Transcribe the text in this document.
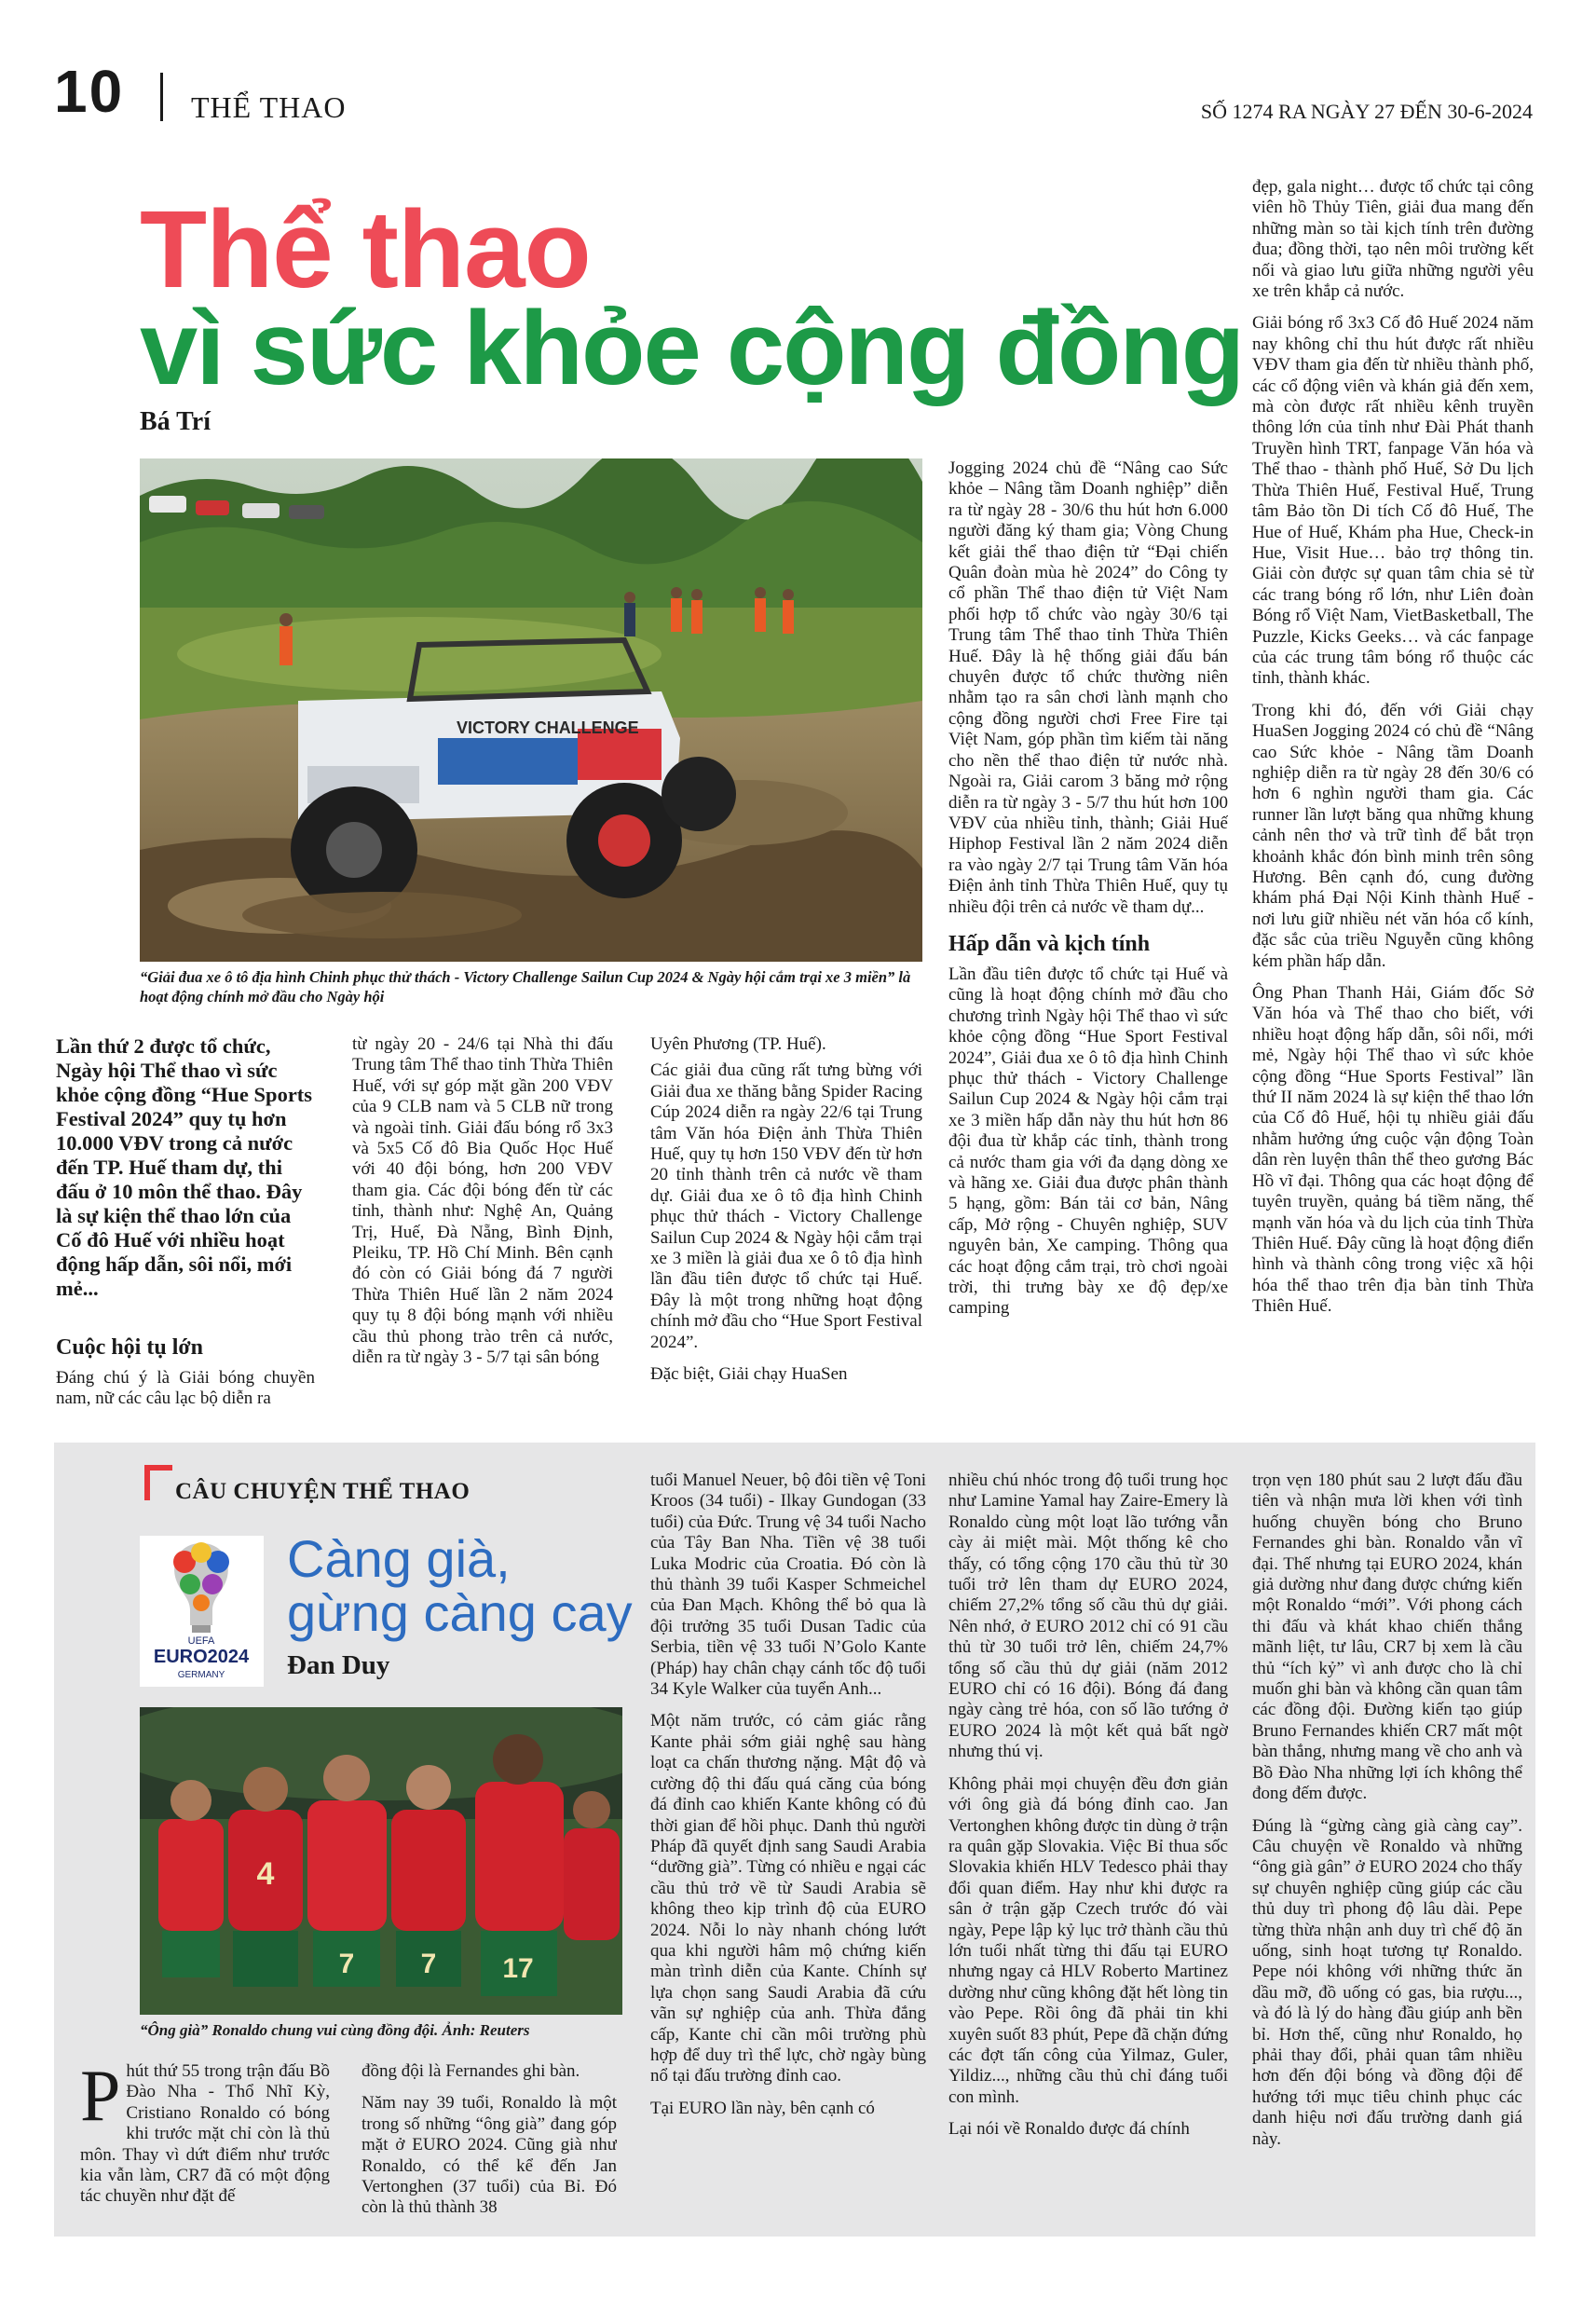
10 THỂ THAO	SỐ 1274 RA NGÀY 27 ĐẾN 30-6-2024
Thể thao
vì sức khỏe cộng đồng
Bá Trí
VICTORY CHALLENGE
“Giải đua xe ô tô địa hình Chinh phục thử thách - Victory Challenge Sailun Cup 2024 & Ngày hội cắm trại xe 3 miền” là hoạt động chính mở đầu cho Ngày hội
Lần thứ 2 được tổ chức, Ngày hội Thể thao vì sức khỏe cộng đồng “Hue Sports Festival 2024” quy tụ hơn 10.000 VĐV trong cả nước đến TP. Huế tham dự, thi đấu ở 10 môn thể thao. Đây là sự kiện thể thao lớn của Cố đô Huế với nhiều hoạt động hấp dẫn, sôi nổi, mới mẻ...
Cuộc hội tụ lớn

Đáng chú ý là Giải bóng chuyền nam, nữ các câu lạc bộ diễn ra

từ ngày 20 - 24/6 tại Nhà thi đấu Trung tâm Thể thao tỉnh Thừa Thiên Huế, với sự góp mặt gần 200 VĐV của 9 CLB nam và 5 CLB nữ trong và ngoài tỉnh. Giải đấu bóng rổ 3x3 và 5x5 Cố đô Bia Quốc Học Huế với 40 đội bóng, hơn 200 VĐV tham gia. Các đội bóng đến từ các tỉnh, thành như: Nghệ An, Quảng Trị, Huế, Đà Nẵng, Bình Định, Pleiku, TP. Hồ Chí Minh. Bên cạnh đó còn có Giải bóng đá 7 người Thừa Thiên Huế lần 2 năm 2024 quy tụ 8 đội bóng mạnh với nhiều cầu thủ phong trào trên cả nước, diễn ra từ ngày 3 - 5/7 tại sân bóng

Uyên Phương (TP. Huế).

Các giải đua cũng rất tưng bừng với Giải đua xe thăng bằng Spider Racing Cúp 2024 diễn ra ngày 22/6 tại Trung tâm Văn hóa Điện ảnh Thừa Thiên Huế, quy tụ hơn 150 VĐV đến từ hơn 20 tỉnh thành trên cả nước về tham dự. Giải đua xe ô tô địa hình Chinh phục thử thách - Victory Challenge Sailun Cup 2024 & Ngày hội cắm trại xe 3 miền là giải đua xe ô tô địa hình lần đầu tiên được tổ chức tại Huế. Đây là một trong những hoạt động chính mở đầu cho “Hue Sport Festival 2024”.

Đặc biệt, Giải chạy HuaSen

Jogging 2024 chủ đề “Nâng cao Sức khỏe – Nâng tầm Doanh nghiệp” diễn ra từ ngày 28 - 30/6 thu hút hơn 6.000 người đăng ký tham gia; Vòng Chung kết giải thể thao điện tử “Đại chiến Quân đoàn mùa hè 2024” do Công ty cổ phần Thể thao điện tử Việt Nam phối hợp tổ chức vào ngày 30/6 tại Trung tâm Thể thao tỉnh Thừa Thiên Huế. Đây là hệ thống giải đấu bán chuyên được tổ chức thường niên nhằm tạo ra sân chơi lành mạnh cho cộng đồng người chơi Free Fire tại Việt Nam, góp phần tìm kiếm tài năng cho nền thể thao điện tử nước nhà. Ngoài ra, Giải carom 3 băng mở rộng diễn ra từ ngày 3 - 5/7 thu hút hơn 100 VĐV của nhiều tỉnh, thành; Giải Huế Hiphop Festival lần 2 năm 2024 diễn ra vào ngày 2/7 tại Trung tâm Văn hóa Điện ảnh tỉnh Thừa Thiên Huế, quy tụ nhiều đội trên cả nước về tham dự...

Hấp dẫn và kịch tính

Lần đầu tiên được tổ chức tại Huế và cũng là hoạt động chính mở đầu cho chương trình Ngày hội Thể thao vì sức khỏe cộng đồng “Hue Sport Festival 2024”, Giải đua xe ô tô địa hình Chinh phục thử thách - Victory Challenge Sailun Cup 2024 & Ngày hội cắm trại xe 3 miền hấp dẫn này thu hút hơn 86 đội đua từ khắp các tỉnh, thành trong cả nước tham gia với đa dạng dòng xe và hãng xe. Giải đua được phân thành 5 hạng, gồm: Bán tải cơ bản, Nâng cấp, Mở rộng - Chuyên nghiệp, SUV nguyên bản, Xe camping. Thông qua các hoạt động cắm trại, trò chơi ngoài trời, thi trưng bày xe độ đẹp/xe camping

đẹp, gala night… được tổ chức tại công viên hồ Thủy Tiên, giải đua mang đến những màn so tài kịch tính trên đường đua; đồng thời, tạo nên môi trường kết nối và giao lưu giữa những người yêu xe trên khắp cả nước.

Giải bóng rổ 3x3 Cố đô Huế 2024 năm nay không chỉ thu hút được rất nhiều VĐV tham gia đến từ nhiều thành phố, các cổ động viên và khán giả đến xem, mà còn được rất nhiều kênh truyền thông lớn của tỉnh như Đài Phát thanh Truyền hình TRT, fanpage Văn hóa và Thể thao - thành phố Huế, Sở Du lịch Thừa Thiên Huế, Festival Huế, Trung tâm Bảo tồn Di tích Cố đô Huế, The Hue of Huế, Khám pha Hue, Check-in Hue, Visit Hue… bảo trợ thông tin. Giải còn được sự quan tâm chia sẻ từ các trang bóng rổ lớn, như Liên đoàn Bóng rổ Việt Nam, VietBasketball, The Puzzle, Kicks Geeks… và các fanpage của các trung tâm bóng rổ thuộc các tỉnh, thành khác.

Trong khi đó, đến với Giải chạy HuaSen Jogging 2024 có chủ đề “Nâng cao Sức khỏe - Nâng tầm Doanh nghiệp diễn ra từ ngày 28 đến 30/6 có hơn 6 nghìn người tham gia. Các runner lần lượt băng qua những khung cảnh nên thơ và trữ tình để bắt trọn khoảnh khắc đón bình minh trên sông Hương. Bên cạnh đó, cung đường khám phá Đại Nội Kinh thành Huế - nơi lưu giữ nhiều nét văn hóa cổ kính, đặc sắc của triều Nguyễn cũng không kém phần hấp dẫn.

Ông Phan Thanh Hải, Giám đốc Sở Văn hóa và Thể thao cho biết, với nhiều hoạt động hấp dẫn, sôi nổi, mới mẻ, Ngày hội Thể thao vì sức khỏe cộng đồng “Hue Sports Festival” lần thứ II năm 2024 là sự kiện thể thao lớn của Cố đô Huế, hội tụ nhiều giải đấu nhằm hưởng ứng cuộc vận động Toàn dân rèn luyện thân thể theo gương Bác Hồ vĩ đại. Thông qua các hoạt động để tuyên truyền, quảng bá tiềm năng, thế mạnh văn hóa và du lịch của tỉnh Thừa Thiên Huế. Đây cũng là hoạt động điển hình và thành công trong việc xã hội hóa thể thao trên địa bàn tỉnh Thừa Thiên Huế.

CÂU CHUYỆN THỂ THAO
UEFA
EURO2024
GERMANY
Càng già,
gừng càng cay
Đan Duy
4
7 7 17
“Ông già” Ronaldo chung vui cùng đồng đội. Ảnh: Reuters

Phút thứ 55 trong trận đấu Bồ Đào Nha - Thổ Nhĩ Kỳ, Cristiano Ronaldo có bóng khi trước mặt chỉ còn là thủ môn. Thay vì dứt điểm như trước kia vẫn làm, CR7 đã có một động tác chuyền như đặt đế

đồng đội là Fernandes ghi bàn.

Năm nay 39 tuổi, Ronaldo là một trong số những “ông già” đang góp mặt ở EURO 2024. Cũng già như Ronaldo, có thể kể đến Jan Vertonghen (37 tuổi) của Bỉ. Đó còn là thủ thành 38

tuổi Manuel Neuer, bộ đôi tiền vệ Toni Kroos (34 tuổi) - Ilkay Gundogan (33 tuổi) của Đức. Trung vệ 34 tuổi Nacho của Tây Ban Nha. Tiền vệ 38 tuổi Luka Modric của Croatia. Đó còn là thủ thành 39 tuổi Kasper Schmeichel của Đan Mạch. Không thể bỏ qua là đội trưởng 35 tuổi Dusan Tadic của Serbia, tiền vệ 33 tuổi N’Golo Kante (Pháp) hay chân chạy cánh tốc độ tuổi 34 Kyle Walker của tuyển Anh...

Một năm trước, có cảm giác rằng Kante phải sớm giải nghệ sau hàng loạt ca chấn thương nặng. Mật độ và cường độ thi đấu quá căng của bóng đá đỉnh cao khiến Kante không có đủ thời gian để hồi phục. Danh thủ người Pháp đã quyết định sang Saudi Arabia “dưỡng già”. Từng có nhiều e ngại các cầu thủ trở về từ Saudi Arabia sẽ không theo kịp trình độ của EURO 2024. Nỗi lo này nhanh chóng lướt qua khi người hâm mộ chứng kiến màn trình diễn của Kante. Chính sự lựa chọn sang Saudi Arabia đã cứu vãn sự nghiệp của anh. Thừa đắng cấp, Kante chỉ cần môi trường phù hợp để duy trì thể lực, chờ ngày bùng nổ tại đấu trường đỉnh cao.

Tại EURO lần này, bên cạnh có

nhiều chú nhóc trong độ tuổi trung học như Lamine Yamal hay Zaire-Emery là Ronaldo cùng một loạt lão tướng vẫn cày ải miệt mài. Một thống kê cho thấy, có tổng cộng 170 cầu thủ từ 30 tuổi trở lên tham dự EURO 2024, chiếm 27,2% tổng số cầu thủ dự giải. Nên nhớ, ở EURO 2012 chỉ có 91 cầu thủ từ 30 tuổi trở lên, chiếm 24,7% tổng số cầu thủ dự giải (năm 2012 EURO chỉ có 16 đội). Bóng đá đang ngày càng trẻ hóa, con số lão tướng ở EURO 2024 là một kết quả bất ngờ nhưng thú vị.

Không phải mọi chuyện đều đơn giản với ông già đá bóng đỉnh cao. Jan Vertonghen không được tin dùng ở trận ra quân gặp Slovakia. Việc Bỉ thua sốc Slovakia khiến HLV Tedesco phải thay đổi quan điểm. Hay như khi được ra sân ở trận gặp Czech trước đó vài ngày, Pepe lập kỷ lục trở thành cầu thủ lớn tuổi nhất từng thi đấu tại EURO nhưng ngay cả HLV Roberto Martinez dường như cũng không đặt hết lòng tin vào Pepe. Rồi ông đã phải tin khi xuyên suốt 83 phút, Pepe đã chặn đứng các đợt tấn công của Yilmaz, Guler, Yildiz..., những cầu thủ chỉ đáng tuổi con mình.

Lại nói về Ronaldo được đá chính

trọn vẹn 180 phút sau 2 lượt đấu đầu tiên và nhận mưa lời khen với tình huống chuyền bóng cho Bruno Fernandes ghi bàn. Ronaldo vẫn vĩ đại. Thế nhưng tại EURO 2024, khán giả dường như đang được chứng kiến một Ronaldo “mới”. Với phong cách thi đấu và khát khao chiến thắng mãnh liệt, tư lâu, CR7 bị xem là cầu thủ “ích kỷ” vì anh được cho là chỉ muốn ghi bàn và không cần quan tâm các đồng đội. Đường kiến tạo giúp Bruno Fernandes khiến CR7 mất một bàn thắng, nhưng mang về cho anh và Bồ Đào Nha những lợi ích không thể đong đếm được.

Đúng là “gừng càng già càng cay”. Câu chuyện về Ronaldo và những “ông già gân” ở EURO 2024 cho thấy sự chuyên nghiệp cũng giúp các cầu thủ duy trì phong độ lâu dài. Pepe từng thừa nhận anh duy trì chế độ ăn uống, sinh hoạt tương tự Ronaldo. Pepe nói không với những thức ăn dầu mỡ, đồ uống có gas, bia rượu..., và đó là lý do hàng đầu giúp anh bền bỉ. Hơn thế, cũng như Ronaldo, họ phải thay đổi, phải quan tâm nhiều hơn đến đội bóng và đồng đội để hướng tới mục tiêu chinh phục các danh hiệu nơi đấu trường danh giá này.
